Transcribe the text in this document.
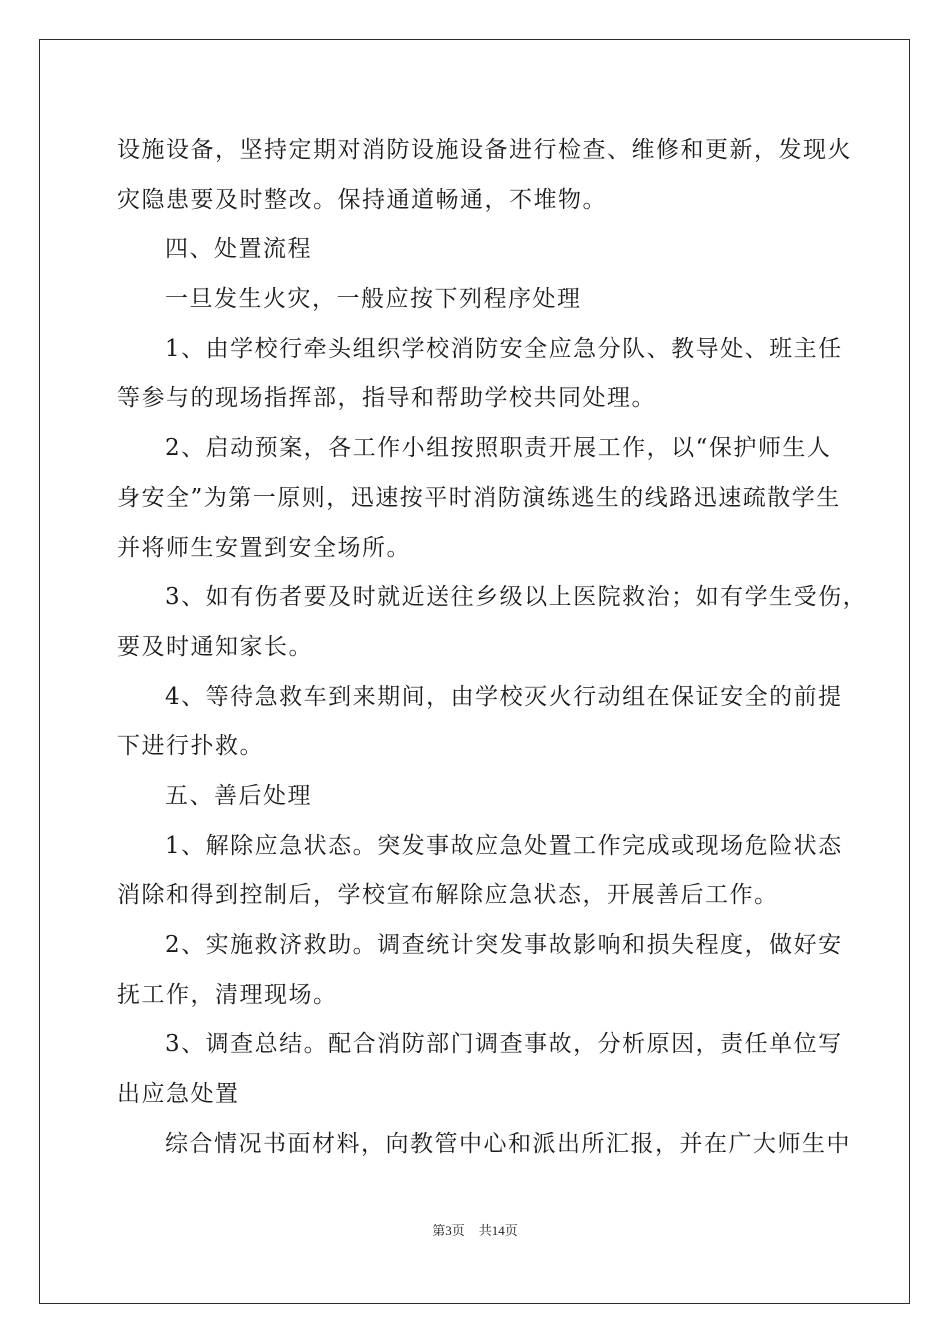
设施设备，坚持定期对消防设施设备进行检查、维修和更新，发现火
灾隐患要及时整改。保持通道畅通，不堆物。
四、处置流程
一旦发生火灾，一般应按下列程序处理
1、由学校行牵头组织学校消防安全应急分队、教导处、班主任
等参与的现场指挥部，指导和帮助学校共同处理。
2、启动预案，各工作小组按照职责开展工作，以“保护师生人
身安全”为第一原则，迅速按平时消防演练逃生的线路迅速疏散学生
并将师生安置到安全场所。
3、如有伤者要及时就近送往乡级以上医院救治；如有学生受伤，
要及时通知家长。
4、等待急救车到来期间，由学校灭火行动组在保证安全的前提
下进行扑救。
五、善后处理
1、解除应急状态。突发事故应急处置工作完成或现场危险状态
消除和得到控制后，学校宣布解除应急状态，开展善后工作。
2、实施救济救助。调查统计突发事故影响和损失程度，做好安
抚工作，清理现场。
3、调查总结。配合消防部门调查事故，分析原因，责任单位写
出应急处置
综合情况书面材料，向教管中心和派出所汇报，并在广大师生中
第3页 共14页
